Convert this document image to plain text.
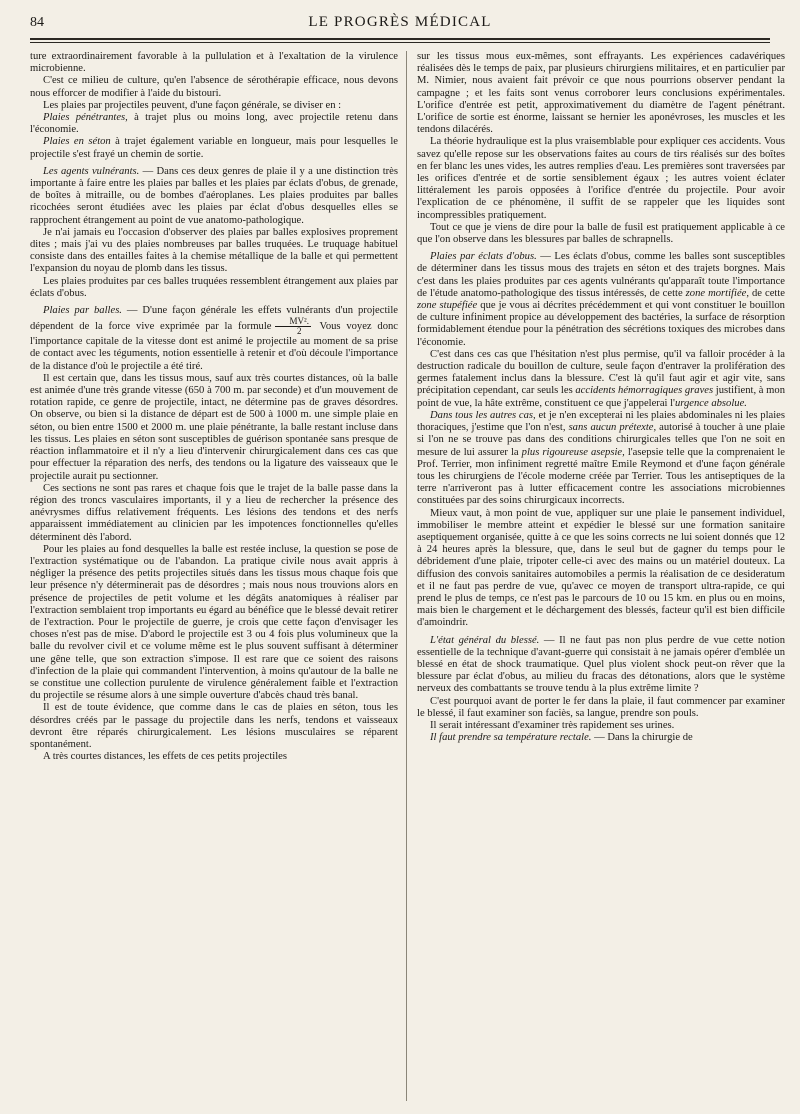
84	LE PROGRÈS MÉDICAL

ture extraordinairement favorable à la pullulation et à l'exaltation de la virulence microbienne.

C'est ce milieu de culture, qu'en l'absence de sérothérapie efficace, nous devons nous efforcer de modifier à l'aide du bistouri.

Les plaies par projectiles peuvent, d'une façon générale, se diviser en :

Plaies pénétrantes, à trajet plus ou moins long, avec projectile retenu dans l'économie.

Plaies en séton à trajet également variable en longueur, mais pour lesquelles le projectile s'est frayé un chemin de sortie.

Les agents vulnérants. — Dans ces deux genres de plaie il y a une distinction très importante à faire entre les plaies par balles et les plaies par éclats d'obus, de grenade, de boîtes à mitraille, ou de bombes d'aéroplanes. Les plaies produites par balles ricochées seront étudiées avec les plaies par éclat d'obus desquelles elles se rapprochent étrangement au point de vue anatomo-pathologique.

Je n'ai jamais eu l'occasion d'observer des plaies par balles explosives proprement dites ; mais j'ai vu des plaies nombreuses par balles truquées. Le truquage habituel consiste dans des entailles faites à la chemise métallique de la balle et qui permettent l'expansion du noyau de plomb dans les tissus.

Les plaies produites par ces balles truquées ressemblent étrangement aux plaies par éclats d'obus.

Plaies par balles. — D'une façon générale les effets vulnérants d'un projectile dépendent de la force vive exprimée par la formule $\frac{\text{MV².}}{2}$ Vous voyez donc l'importance capitale de la vitesse dont est animé le projectile au moment de sa prise de contact avec les téguments, notion essentielle à retenir et d'où découle l'importance de la distance d'où le projectile a été tiré.

Il est certain que, dans les tissus mous, sauf aux très courtes distances, où la balle est animée d'une très grande vitesse (650 à 700 m. par seconde) et d'un mouvement de rotation rapide, ce genre de projectile, intact, ne détermine pas de graves désordres. On observe, ou bien si la distance de départ est de 500 à 1000 m. une simple plaie en séton, ou bien entre 1500 et 2000 m. une plaie pénétrante, la balle restant incluse dans les tissus. Les plaies en séton sont susceptibles de guérison spontanée sans presque de réaction inflammatoire et il n'y a lieu d'intervenir chirurgicalement dans ces cas que pour effectuer la réparation des nerfs, des tendons ou la ligature des vaisseaux que le projectile aurait pu sectionner.

Ces sections ne sont pas rares et chaque fois que le trajet de la balle passe dans la région des troncs vasculaires importants, il y a lieu de rechercher la présence des anévrysmes diffus relativement fréquents. Les lésions des tendons et des nerfs apparaissent immédiatement au clinicien par les impotences fonctionnelles qu'elles déterminent dès l'abord.

Pour les plaies au fond desquelles la balle est restée incluse, la question se pose de l'extraction systématique ou de l'abandon. La pratique civile nous avait appris à négliger la présence des petits projectiles situés dans les tissus mous chaque fois que leur présence n'y déterminerait pas de désordres ; mais nous nous trouvions alors en présence de projectiles de petit volume et les dégâts anatomiques à réaliser par l'extraction semblaient trop importants eu égard au bénéfice que le blessé devait retirer de l'extraction. Pour le projectile de guerre, je crois que cette façon d'envisager les choses n'est pas de mise. D'abord le projectile est 3 ou 4 fois plus volumineux que la balle du revolver civil et ce volume même est le plus souvent suffisant à déterminer une gêne telle, que son extraction s'impose. Il est rare que ce soient des raisons d'infection de la plaie qui commandent l'intervention, à moins qu'autour de la balle ne se constitue une collection purulente de virulence généralement faible et l'extraction du projectile se résume alors à une simple ouverture d'abcès chaud très banal.

Il est de toute évidence, que comme dans le cas de plaies en séton, tous les désordres créés par le passage du projectile dans les nerfs, tendons et vaisseaux devront être réparés chirurgicalement. Les lésions musculaires se réparent spontanément.

A très courtes distances, les effets de ces petits projectiles

sur les tissus mous eux-mêmes, sont effrayants. Les expériences cadavériques réalisées dès le temps de paix, par plusieurs chirurgiens militaires, et en particulier par M. Nimier, nous avaient fait prévoir ce que nous pourrions observer pendant la campagne ; et les faits sont venus corroborer leurs conclusions expérimentales. L'orifice d'entrée est petit, approximativement du diamètre de l'agent pénétrant. L'orifice de sortie est énorme, laissant se hernier les aponévroses, les muscles et les tendons dilacérés.

La théorie hydraulique est la plus vraisemblable pour expliquer ces accidents. Vous savez qu'elle repose sur les observations faites au cours de tirs réalisés sur des boîtes en fer blanc les unes vides, les autres remplies d'eau. Les premières sont traversées par les orifices d'entrée et de sortie sensiblement égaux ; les autres voient éclater littéralement les parois opposées à l'orifice d'entrée du projectile. Pour avoir l'explication de ce phénomène, il suffit de se rappeler que les liquides sont incompressibles pratiquement.

Tout ce que je viens de dire pour la balle de fusil est pratiquement applicable à ce que l'on observe dans les blessures par balles de schrapnells.

Plaies par éclats d'obus. — Les éclats d'obus, comme les balles sont susceptibles de déterminer dans les tissus mous des trajets en séton et des trajets borgnes. Mais c'est dans les plaies produites par ces agents vulnérants qu'apparaît toute l'importance de l'étude anatomo-pathologique des tissus intéressés, de cette zone mortifiée, de cette zone stupéfiée que je vous ai décrites précédemment et qui vont constituer le bouillon de culture infiniment propice au développement des bactéries, la surface de résorption formidablement étendue pour la pénétration des sécrétions toxiques des microbes dans l'économie.

C'est dans ces cas que l'hésitation n'est plus permise, qu'il va falloir procéder à la destruction radicale du bouillon de culture, seule façon d'entraver la prolifération des germes fatalement inclus dans la blessure. C'est là qu'il faut agir et agir vite, sans précipitation cependant, car seuls les accidents hémorragiques graves justifient, à mon point de vue, la hâte extrême, constituent ce que j'appelerai l'urgence absolue.

Dans tous les autres cas, et je n'en excepterai ni les plaies abdominales ni les plaies thoraciques, j'estime que l'on n'est, sans aucun prétexte, autorisé à toucher à une plaie si l'on ne se trouve pas dans des conditions chirurgicales telles que l'on ne soit en mesure de lui assurer la plus rigoureuse asepsie, l'asepsie telle que la comprenaient le Prof. Terrier, mon infiniment regretté maître Emile Reymond et d'une façon générale tous les chirurgiens de l'école moderne créée par Terrier. Tous les antiseptiques de la terre n'arriveront pas à lutter efficacement contre les associations microbiennes constituées par des soins chirurgicaux incorrects.

Mieux vaut, à mon point de vue, appliquer sur une plaie le pansement individuel, immobiliser le membre atteint et expédier le blessé sur une formation sanitaire aseptiquement organisée, quitte à ce que les soins corrects ne lui soient donnés que 12 à 24 heures après la blessure, que, dans le seul but de gagner du temps pour le débridement d'une plaie, tripoter celle-ci avec des mains ou un matériel douteux. La diffusion des convois sanitaires automobiles a permis la réalisation de ce desideratum et il ne faut pas perdre de vue, qu'avec ce moyen de transport ultra-rapide, ce qui prend le plus de temps, ce n'est pas le parcours de 10 ou 15 km. en plus ou en moins, mais bien le chargement et le déchargement des blessés, facteur qu'il est bien difficile d'amoindrir.

L'état général du blessé. — Il ne faut pas non plus perdre de vue cette notion essentielle de la technique d'avant-guerre qui consistait à ne jamais opérer d'emblée un blessé en état de shock traumatique. Quel plus violent shock peut-on rêver que la blessure par éclat d'obus, au milieu du fracas des détonations, alors que le système nerveux des combattants se trouve tendu à la plus extrême limite ?

C'est pourquoi avant de porter le fer dans la plaie, il faut commencer par examiner le blessé, il faut examiner son faciès, sa langue, prendre son pouls.

Il serait intéressant d'examiner très rapidement ses urines.

Il faut prendre sa température rectale. — Dans la chirurgie de
